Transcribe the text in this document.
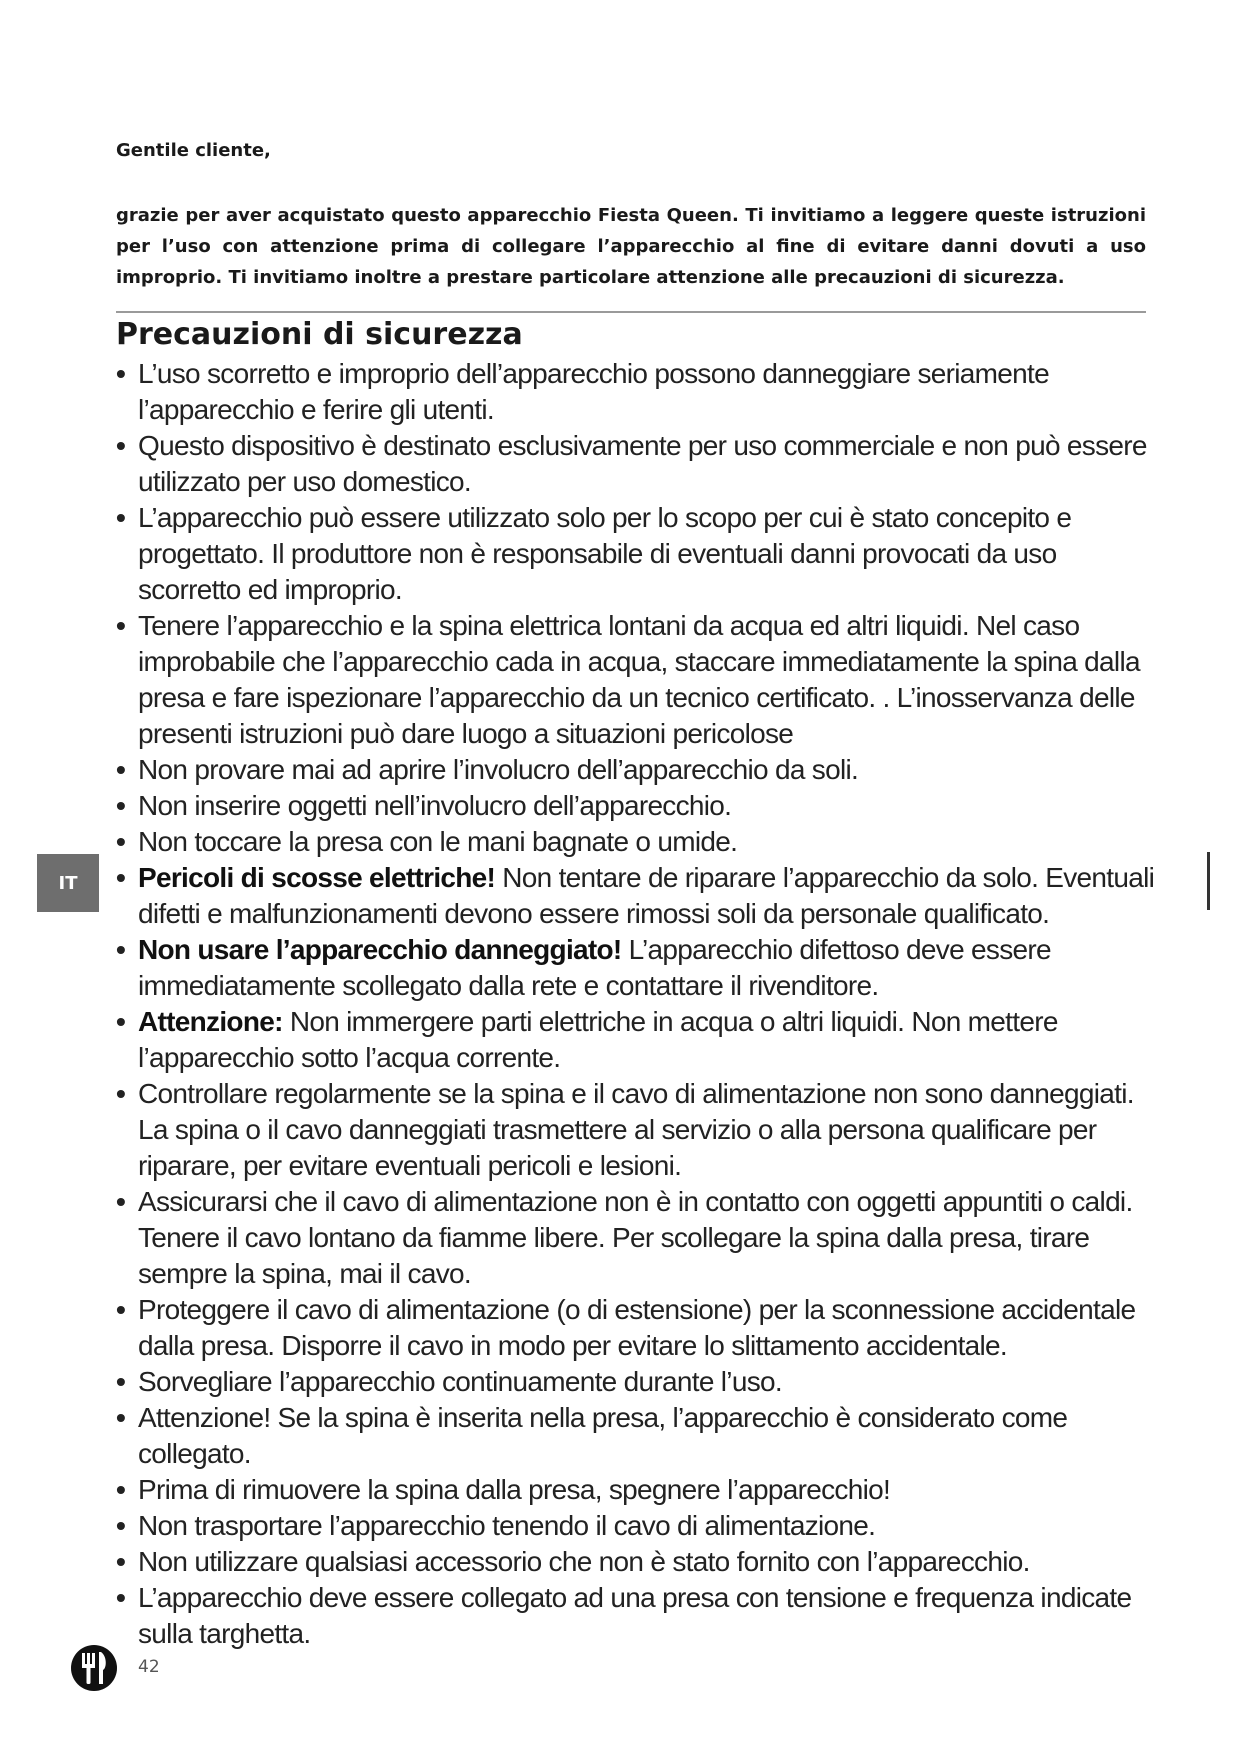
Gentile cliente,

grazie per aver acquistato questo apparecchio Fiesta Queen. Ti invitiamo a leggere queste istruzioni per l’uso con attenzione prima di collegare l’apparecchio al fine di evitare danni dovuti a uso improprio. Ti invitiamo inoltre a prestare particolare attenzione alle precauzioni di sicurezza.

Precauzioni di sicurezza
• L’uso scorretto e improprio dell’apparecchio possono danneggiare seriamente l’apparecchio e ferire gli utenti.
• Questo dispositivo è destinato esclusivamente per uso commerciale e non può essere utilizzato per uso domestico.
• L’apparecchio può essere utilizzato solo per lo scopo per cui è stato concepito e progettato. Il produttore non è responsabile di eventuali danni provocati da uso scorretto ed improprio.
• Tenere l’apparecchio e la spina elettrica lontani da acqua ed altri liquidi. Nel caso improbabile che l’apparecchio cada in acqua, staccare immediatamente la spina dalla presa e fare ispezionare l’apparecchio da un tecnico certificato. . L’inosservanza delle presenti istruzioni può dare luogo a situazioni pericolose
• Non provare mai ad aprire l’involucro dell’apparecchio da soli.
• Non inserire oggetti nell’involucro dell’apparecchio.
• Non toccare la presa con le mani bagnate o umide.
• Pericoli di scosse elettriche! Non tentare de riparare l’apparecchio da solo. Eventuali difetti e malfunzionamenti devono essere rimossi soli da personale qualificato.
• Non usare l’apparecchio danneggiato! L’apparecchio difettoso deve essere immediatamente scollegato dalla rete e contattare il rivenditore.
• Attenzione: Non immergere parti elettriche in acqua o altri liquidi. Non mettere l’apparecchio sotto l’acqua corrente.
• Controllare regolarmente se la spina e il cavo di alimentazione non sono danneggiati. La spina o il cavo danneggiati trasmettere al servizio o alla persona qualificare per riparare, per evitare eventuali pericoli e lesioni.
• Assicurarsi che il cavo di alimentazione non è in contatto con oggetti appuntiti o caldi. Tenere il cavo lontano da fiamme libere. Per scollegare la spina dalla presa, tirare sempre la spina, mai il cavo.
• Proteggere il cavo di alimentazione (o di estensione) per la sconnessione accidentale dalla presa. Disporre il cavo in modo per evitare lo slittamento accidentale.
• Sorvegliare l’apparecchio continuamente durante l’uso.
• Attenzione! Se la spina è inserita nella presa, l’apparecchio è considerato come collegato.
• Prima di rimuovere la spina dalla presa, spegnere l’apparecchio!
• Non trasportare l’apparecchio tenendo il cavo di alimentazione.
• Non utilizzare qualsiasi accessorio che non è stato fornito con l’apparecchio.
• L’apparecchio deve essere collegato ad una presa con tensione e frequenza indicate sulla targhetta.
IT
42
